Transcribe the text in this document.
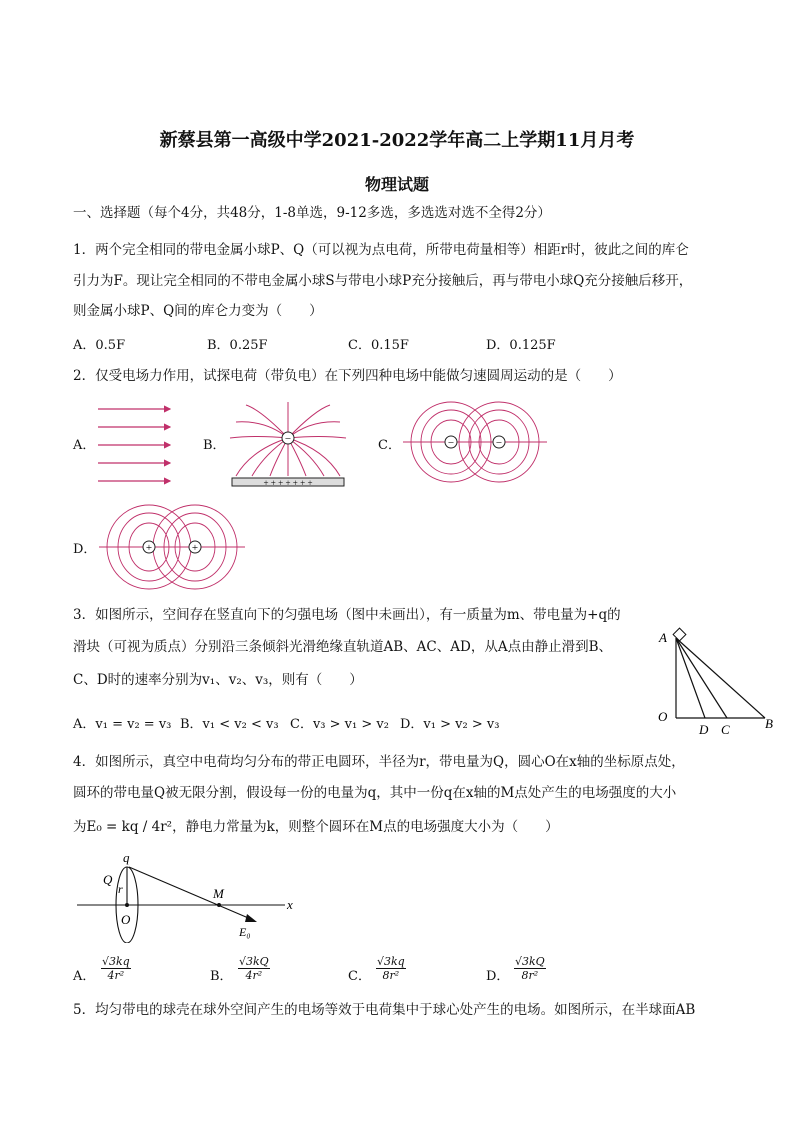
新蔡县第一高级中学2021-2022学年高二上学期11月月考
物理试题
一、选择题（每个4分，共48分，1-8单选，9-12多选，多选选对选不全得2分）
1．两个完全相同的带电金属小球P、Q（可以视为点电荷，所带电荷量相等）相距r时，彼此之间的库仑
引力为F。现让完全相同的不带电金属小球S与带电小球P充分接触后，再与带电小球Q充分接触后移开，
则金属小球P、Q间的库仑力变为（　　）
A．0.5F	B．0.25F	C．0.15F	D．0.125F
2．仅受电场力作用，试探电荷（带负电）在下列四种电场中能做匀速圆周运动的是（　　）
A．	B．	C．
D．
−
+ + + + + + +
−	−
+	+
3．如图所示，空间存在竖直向下的匀强电场（图中未画出），有一质量为m、带电量为+q的
滑块（可视为质点）分别沿三条倾斜光滑绝缘直轨道AB、AC、AD，从A点由静止滑到B、
C、D时的速率分别为v₁、v₂、v₃，则有（　　）
A．v₁ = v₂ = v₃ B．v₁ < v₂ < v₃ C．v₃ > v₁ > v₂ D．v₁ > v₂ > v₃
A
O
D C	B
4．如图所示，真空中电荷均匀分布的带正电圆环，半径为r，带电量为Q，圆心O在x轴的坐标原点处，
圆环的带电量Q被无限分割，假设每一份的电量为q，其中一份q在x轴的M点处产生的电场强度的大小
为E₀ = kq / 4r²，静电力常量为k，则整个圆环在M点的电场强度大小为（　　）
q
Q
r
O
M
x
E₀
A． $\frac{√3kq}{\text{4r²}}$	B． $\frac{√3kQ}{\text{4r²}}$	C． $\frac{√3kq}{\text{8r²}}$	D． $\frac{√3kQ}{\text{8r²}}$
5．均匀带电的球壳在球外空间产生的电场等效于电荷集中于球心处产生的电场。如图所示，在半球面AB
